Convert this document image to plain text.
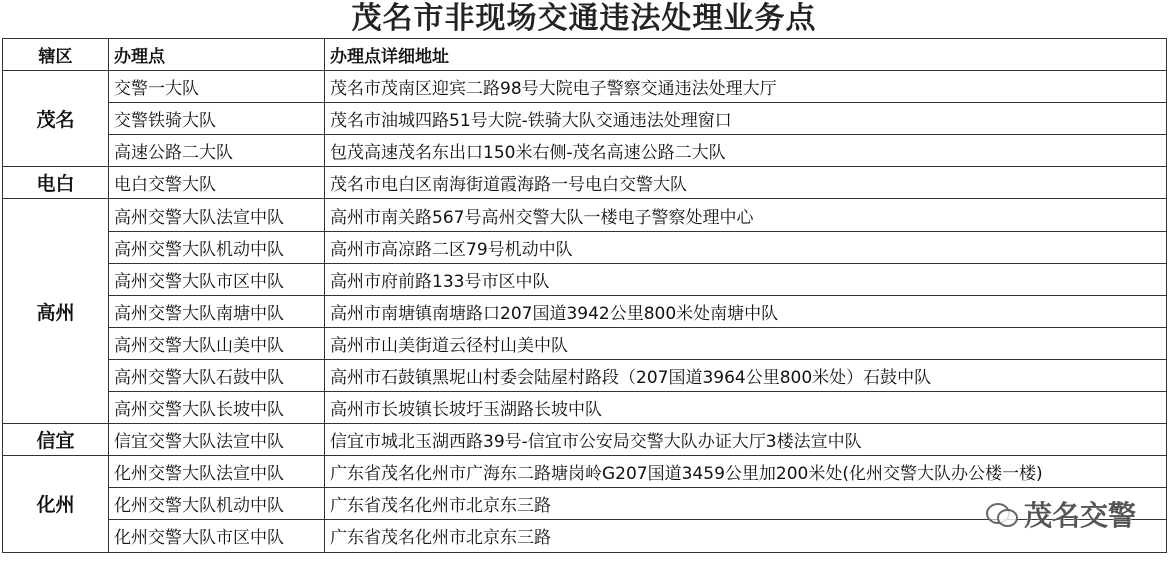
茂名市非现场交通违法处理业务点
辖区	办理点	办理点详细地址
茂名	交警一大队	茂名市茂南区迎宾二路98号大院电子警察交通违法处理大厅
	交警铁骑大队	茂名市油城四路51号大院-铁骑大队交通违法处理窗口
	高速公路二大队	包茂高速茂名东出口150米右侧-茂名高速公路二大队
电白	电白交警大队	茂名市电白区南海街道霞海路一号电白交警大队
高州	高州交警大队法宣中队	高州市南关路567号高州交警大队一楼电子警察处理中心
	高州交警大队机动中队	高州市高凉路二区79号机动中队
	高州交警大队市区中队	高州市府前路133号市区中队
	高州交警大队南塘中队	高州市南塘镇南塘路口207国道3942公里800米处南塘中队
	高州交警大队山美中队	高州市山美街道云径村山美中队
	高州交警大队石鼓中队	高州市石鼓镇黑坭山村委会陆屋村路段（207国道3964公里800米处）石鼓中队
	高州交警大队长坡中队	高州市长坡镇长坡圩玉湖路长坡中队
信宜	信宜交警大队法宣中队	信宜市城北玉湖西路39号-信宜市公安局交警大队办证大厅3楼法宣中队
化州	化州交警大队法宣中队	广东省茂名化州市广海东二路塘岗岭G207国道3459公里加200米处(化州交警大队办公楼一楼)
	化州交警大队机动中队	广东省茂名化州市北京东三路
	化州交警大队市区中队	广东省茂名化州市北京东三路
茂名交警
